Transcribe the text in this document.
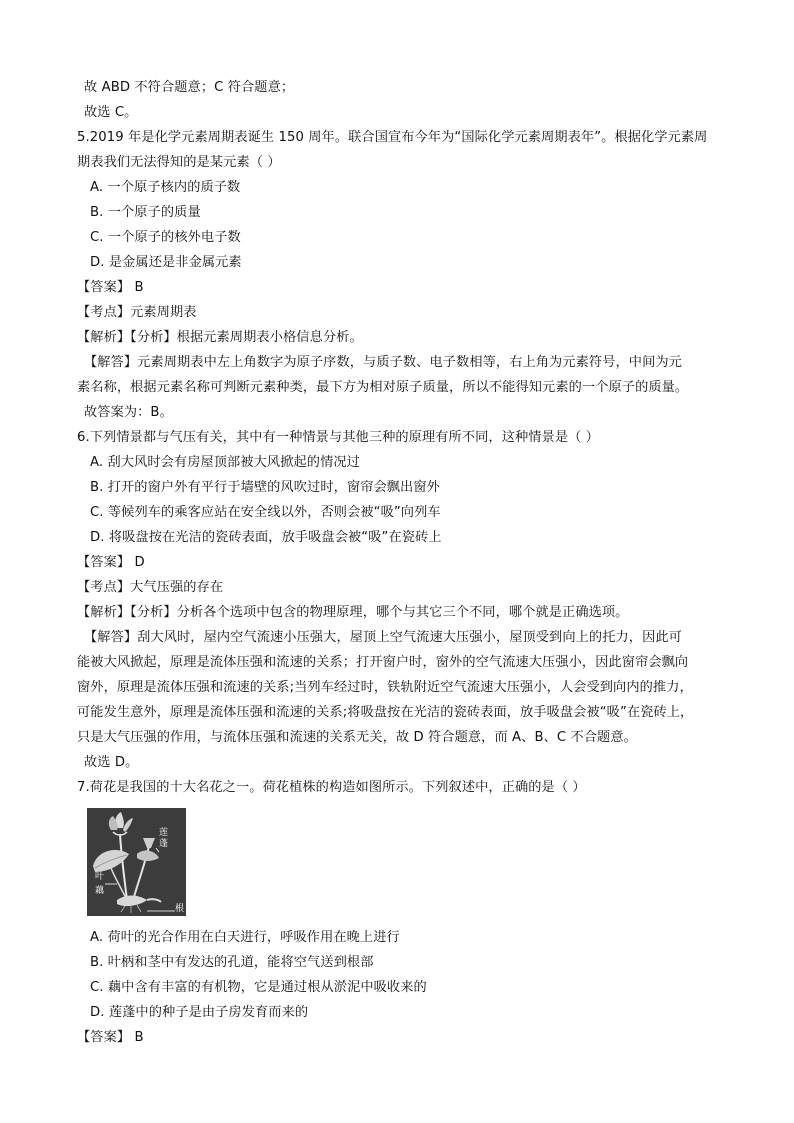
故 ABD 不符合题意；C 符合题意；
故选 C。
5.2019 年是化学元素周期表诞生 150 周年。联合国宣布今年为“国际化学元素周期表年”。根据化学元素周
期表我们无法得知的是某元素（ ）
A. 一个原子核内的质子数
B. 一个原子的质量
C. 一个原子的核外电子数
D. 是金属还是非金属元素
【答案】 B
【考点】元素周期表
【解析】【分析】根据元素周期表小格信息分析。
【解答】元素周期表中左上角数字为原子序数，与质子数、电子数相等，右上角为元素符号，中间为元
素名称，根据元素名称可判断元素种类，最下方为相对原子质量，所以不能得知元素的一个原子的质量。
故答案为：B。
6.下列情景都与气压有关，其中有一种情景与其他三种的原理有所不同，这种情景是（ ）
A. 刮大风时会有房屋顶部被大风掀起的情况过
B. 打开的窗户外有平行于墙壁的风吹过时，窗帘会飘出窗外
C. 等候列车的乘客应站在安全线以外，否则会被“吸”向列车
D. 将吸盘按在光洁的瓷砖表面，放手吸盘会被“吸”在瓷砖上
【答案】 D
【考点】大气压强的存在
【解析】【分析】分析各个选项中包含的物理原理，哪个与其它三个不同，哪个就是正确选项。
【解答】刮大风时，屋内空气流速小压强大，屋顶上空气流速大压强小，屋顶受到向上的托力，因此可
能被大风掀起，原理是流体压强和流速的关系；打开窗户时，窗外的空气流速大压强小，因此窗帘会飘向
窗外，原理是流体压强和流速的关系;当列车经过时，铁轨附近空气流速大压强小，人会受到向内的推力，
可能发生意外，原理是流体压强和流速的关系;将吸盘按在光洁的瓷砖表面，放手吸盘会被“吸”在瓷砖上，
只是大气压强的作用，与流体压强和流速的关系无关，故 D 符合题意，而 A、B、C 不合题意。
故选 D。
7.荷花是我国的十大名花之一。荷花植株的构造如图所示。下列叙述中，正确的是（ ）
莲蓬
叶
藕
根
A. 荷叶的光合作用在白天进行，呼吸作用在晚上进行
B. 叶柄和茎中有发达的孔道，能将空气送到根部
C. 藕中含有丰富的有机物，它是通过根从淤泥中吸收来的
D. 莲蓬中的种子是由子房发育而来的
【答案】 B
